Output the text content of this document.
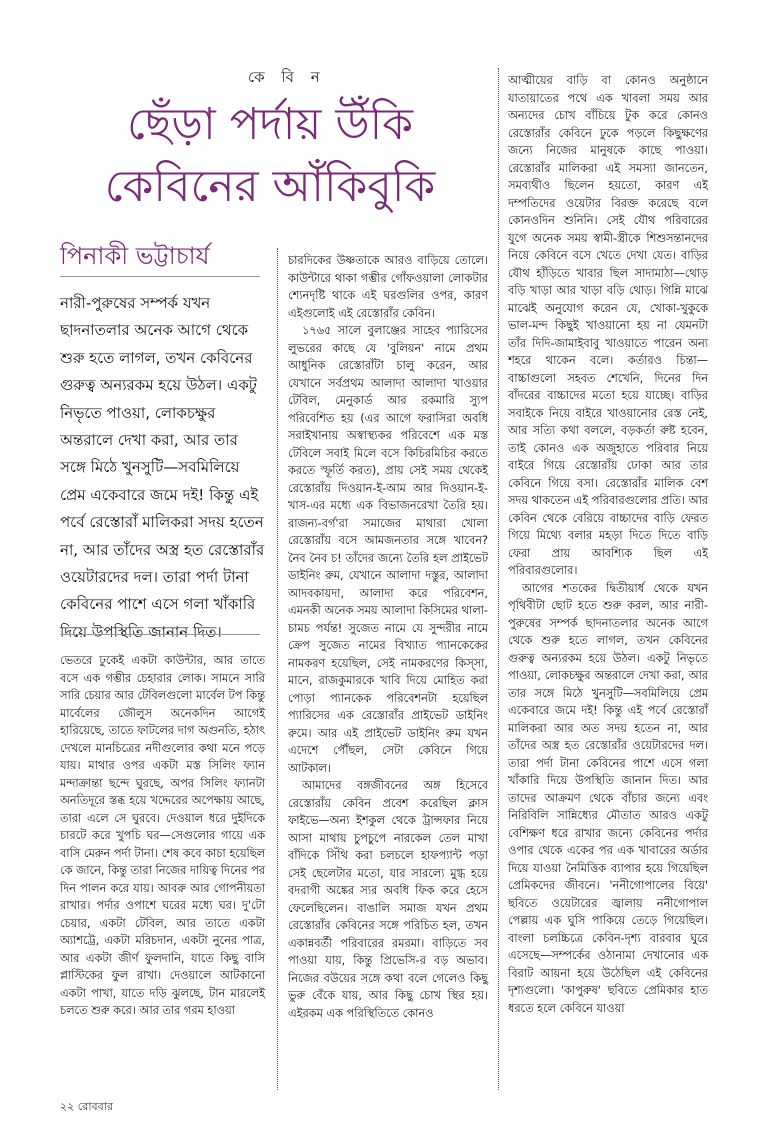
কে বি ন
ছেঁড়া পর্দায় উঁকি
কেবিনের আঁকিবুকি
পিনাকী ভট্টাচার্য
নারী-পুরুষের সম্পর্ক যখন ছাদনাতলার অনেক আগে থেকে শুরু হতে লাগল, তখন কেবিনের গুরুত্ব অন্যরকম হয়ে উঠল। একটু নিভৃতে পাওয়া, লোকচক্ষুর অন্তরালে দেখা করা, আর তার সঙ্গে মিঠে খুনসুটি—সবমিলিয়ে প্রেম একেবারে জমে দই! কিন্তু এই পর্বে রেস্তোরাঁ মালিকরা সদয় হতেন না, আর তাঁদের অস্ত্র হত রেস্তোরাঁর ওয়েটারদের দল। তারা পর্দা টানা কেবিনের পাশে এসে গলা খাঁকারি দিয়ে উপস্থিতি জানান দিত।

ভেতরে ঢুকেই একটা কাউন্টার, আর তাতে বসে এক গম্ভীর চেহারার লোক। সামনে সারি সারি চেয়ার আর টেবিলগুলো মার্বেল টপ কিন্তু মার্বেলের জৌলুস অনেকদিন আগেই হারিয়েছে, তাতে ফাটলের দাগ অগুনতি, হঠাৎ দেখলে মানচিত্রের নদীগুলোর কথা মনে পড়ে যায়। মাথার ওপর একটা মস্ত সিলিং ফ্যান মন্দাক্রান্তা ছন্দে ঘুরছে, অপর সিলিং ফ্যানটা অনতিদূরে স্তব্ধ হয়ে খদ্দেরের অপেক্ষায় আছে, তারা এলে সে ঘুরবে। দেওয়াল ধরে দুইদিকে চারটে করে খুপচি ঘর—সেগুলোর গায়ে এক বাসি মেরুন পর্দা টানা। শেষ কবে কাচা হয়েছিল কে জানে, কিন্তু তারা নিজের দায়িত্ব দিনের পর দিন পালন করে যায়। আবরু আর গোপনীয়তা রাখার। পর্দার ওপাশে ঘরের মধ্যে ঘর। দু'টো চেয়ার, একটা টেবিল, আর তাতে একটা অ্যাশট্রে, একটা মরিচদান, একটা নুনের পাত্র, আর একটা জীর্ণ ফুলদানি, যাতে কিছু বাসি প্লাস্টিকের ফুল রাখা। দেওয়ালে আটকানো একটা পাখা, যাতে দড়ি ঝুলছে, টান মারলেই চলতে শুরু করে। আর তার গরম হাওয়া

চারদিকের উষ্ণতাকে আরও বাড়িয়ে তোলে। কাউন্টারে থাকা গম্ভীর গোঁফওয়ালা লোকটার শ্যেনদৃষ্টি থাকে এই ঘরগুলির ওপর, কারণ এইগুলোই এই রেস্তোরাঁর কেবিন।

১৭৬৫ সালে বুলাঞ্জের সাহেব প্যারিসের লুভরের কাছে যে 'বুলিয়ন' নামে প্রথম আধুনিক রেস্তোরাঁটা চালু করেন, আর যেখানে সর্বপ্রথম আলাদা আলাদা খাওয়ার টেবিল, মেনুকার্ড আর রকমারি স্যুপ পরিবেশিত হয় (এর আগে ফরাসিরা অবধি সরাইখানায় অস্বাস্থ্যকর পরিবেশে এক মস্ত টেবিলে সবাই মিলে বসে কিচিরমিচির করতে করতে স্ফূর্তি করত), প্রায় সেই সময় থেকেই রেস্তোরাঁয় দিওয়ান-ই-আম আর দিওয়ান-ই-খাস-এর মধ্যে এক বিভাজনরেখা তৈরি হয়। রাজন্য-বর্গ'রা সমাজের মাথারা খোলা রেস্তোরাঁয় বসে আমজনতার সঙ্গে খাবেন? নৈব নৈব চ! তাঁদের জন্যে তৈরি হল প্রাইভেট ডাইনিং রুম, যেখানে আলাদা দস্তুর, আলাদা আদবকায়দা, আলাদা করে পরিবেশন, এমনকী অনেক সময় আলাদা কিসিমের থালা-চামচ পর্যন্ত! সুজেত নামে যে সুন্দরীর নামে ক্রেপ সুজেত নামের বিখ্যাত প্যানকেকের নামকরণ হয়েছিল, সেই নামকরণের কিস্সা, মানে, রাজকুমারকে খাবি দিয়ে মোহিত করা পোড়া প্যানকেক পরিবেশনটা হয়েছিল প্যারিসের এক রেস্তোরাঁর প্রাইভেট ডাইনিং রুমে। আর এই প্রাইভেট ডাইনিং রুম যখন এদেশে পৌঁছল, সেটা কেবিনে গিয়ে আটকাল।

আমাদের বঙ্গজীবনের অঙ্গ হিসেবে রেস্তোরাঁয় কেবিন প্রবেশ করেছিল ক্লাস ফাইভে—অন্য ইশকুল থেকে ট্রান্সফার নিয়ে আসা মাথায় চুপচুপে নারকেল তেল মাখা বাঁদিকে সিঁথি করা চলচলে হাফপ্যান্ট পড়া সেই ছেলেটার মতো, যার সারল্যে মুগ্ধ হয়ে বদরাগী অঙ্কের স্যর অবধি ফিক করে হেসে ফেলেছিলেন। বাঙালি সমাজ যখন প্রথম রেস্তোরাঁর কেবিনের সঙ্গে পরিচিত হল, তখন একান্নবর্তী পরিবারের রমরমা। বাড়িতে সব পাওয়া যায়, কিন্তু প্রিভেসি-র বড় অভাব। নিজের বউয়ের সঙ্গে কথা বলে গেলেও কিছু ভুরু বেঁকে যায়, আর কিছু চোখ স্থির হয়। এইরকম এক পরিস্থিতিতে কোনও

আত্মীয়ের বাড়ি বা কোনও অনুষ্ঠানে যাতায়াতের পথে এক খাবলা সময় আর অন্যদের চোখ বাঁচিয়ে টুক করে কোনও রেস্তোরাঁর কেবিনে ঢুকে পড়লে কিছুক্ষণের জন্যে নিজের মানুষকে কাছে পাওয়া। রেস্তোরাঁর মালিকরা এই সমস্যা জানতেন, সমব্যথীও ছিলেন হয়তো, কারণ এই দম্পতিদের ওয়েটার বিরক্ত করেছে বলে কোনওদিন শুনিনি। সেই যৌথ পরিবারের যুগে অনেক সময় স্বামী-স্ত্রীকে শিশুসন্তানদের নিয়ে কেবিনে বসে খেতে দেখা যেত। বাড়ির যৌথ হাঁড়িতে খাবার ছিল সাদামাঠা—থোড় বড়ি খাড়া আর খাড়া বড়ি থোড়। গিন্নি মাঝে মাঝেই অনুযোগ করেন যে, খোকা-খুকুকে ভাল-মন্দ কিছুই খাওয়ানো হয় না যেমনটা তাঁর দিদি-জামাইবাবু খাওয়াতে পারেন অন্য শহরে থাকেন বলে। কর্তারও চিন্তা—বাচ্চাগুলো সহবত শেখেনি, দিনের দিন বাঁদরের বাচ্চাদের মতো হয়ে যাচ্ছে। বাড়ির সবাইকে নিয়ে বাইরে খাওয়ানোর রেস্ত নেই, আর সত্যি কথা বললে, বড়কর্তা রুষ্ট হবেন, তাই কোনও এক অজুহাতে পরিবার নিয়ে বাইরে গিয়ে রেস্তোরাঁয় ঢোকা আর তার কেবিনে গিয়ে বসা। রেস্তোরাঁর মালিক বেশ সদয় থাকতেন এই পরিবারগুলোর প্রতি। আর কেবিন থেকে বেরিয়ে বাচ্চাদের বাড়ি ফেরত গিয়ে মিথ্যে বলার মহড়া দিতে দিতে বাড়ি ফেরা প্রায় আবশ্যিক ছিল এই পরিবারগুলোর।

আগের শতকের দ্বিতীয়ার্ধ থেকে যখন পৃথিবীটা ছোট হতে শুরু করল, আর নারী-পুরুষের সম্পর্ক ছাদনাতলার অনেক আগে থেকে শুরু হতে লাগল, তখন কেবিনের গুরুত্ব অন্যরকম হয়ে উঠল। একটু নিভৃতে পাওয়া, লোকচক্ষুর অন্তরালে দেখা করা, আর তার সঙ্গে মিঠে খুনসুটি—সবমিলিয়ে প্রেম একেবারে জমে দই! কিন্তু এই পর্বে রেস্তোরাঁ মালিকরা আর অত সদয় হতেন না, আর তাঁদের অস্ত্র হত রেস্তোরাঁর ওয়েটারদের দল। তারা পর্দা টানা কেবিনের পাশে এসে গলা খাঁকারি দিয়ে উপস্থিতি জানান দিত। আর তাদের আক্রমণ থেকে বাঁচার জন্যে এবং নিরিবিলি সান্নিধ্যের মৌতাত আরও একটু বেশিক্ষণ ধরে রাখার জন্যে কেবিনের পর্দার ওপার থেকে একের পর এক খাবারের অর্ডার দিয়ে যাওয়া নৈমিত্তিক ব্যাপার হয়ে গিয়েছিল প্রেমিকদের জীবনে। 'ননীগোপালের বিয়ে' ছবিতে ওয়েটারের জ্বালায় ননীগোপাল পেল্লায় এক ঘুসি পাকিয়ে তেড়ে গিয়েছিল। বাংলা চলচ্চিত্রে কেবিন-দৃশ্য বারবার ঘুরে এসেছে—সম্পর্কের ওঠানামা দেখানোর এক বিরাট আয়না হয়ে উঠেছিল এই কেবিনের দৃশ্যগুলো। 'কাপুরুষ' ছবিতে প্রেমিকার হাত ধরতে হলে কেবিনে যাওয়া

২২ রোববার
